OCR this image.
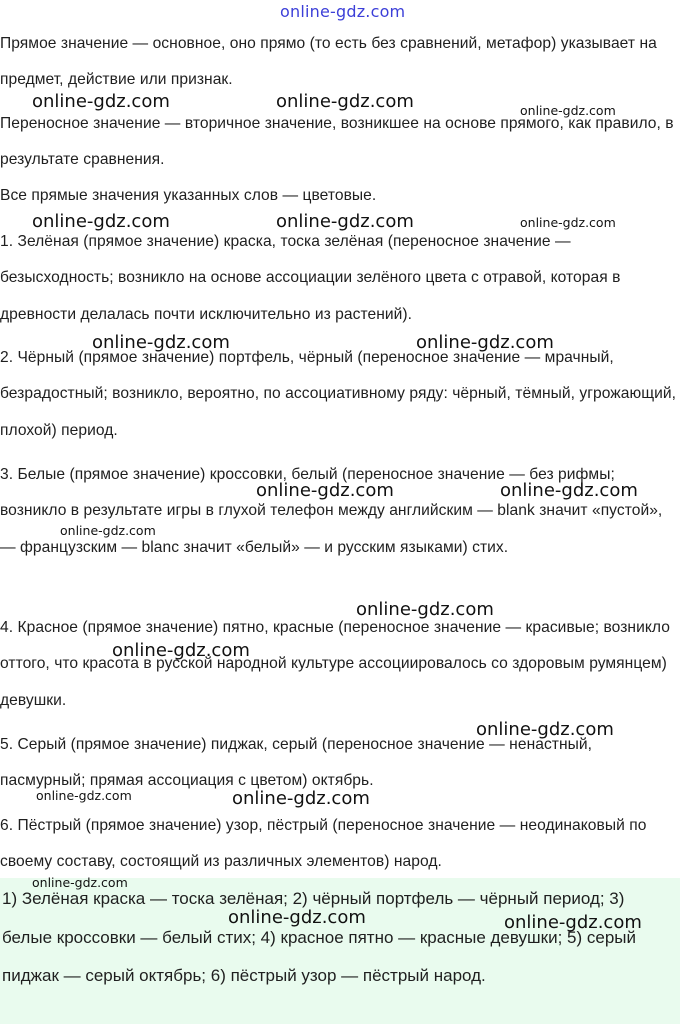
online-gdz.com

Прямое значение — основное, оно прямо (то есть без сравнений, метафор) указывает на предмет, действие или признак.

Переносное значение — вторичное значение, возникшее на основе прямого, как правило, в результате сравнения.

Все прямые значения указанных слов — цветовые.

1. Зелёная (прямое значение) краска, тоска зелёная (переносное значение — безысходность; возникло на основе ассоциации зелёного цвета с отравой, которая в древности делалась почти исключительно из растений).

2. Чёрный (прямое значение) портфель, чёрный (переносное значение — мрачный, безрадостный; возникло, вероятно, по ассоциативному ряду: чёрный, тёмный, угрожающий, плохой) период.

3. Белые (прямое значение) кроссовки, белый (переносное значение — без рифмы; возникло в результате игры в глухой телефон между английским — blank значит «пустой», — французским — blanc значит «белый» — и русским языками) стих.

4. Красное (прямое значение) пятно, красные (переносное значение — красивые; возникло оттого, что красота в русской народной культуре ассоциировалось со здоровым румянцем) девушки.

5. Серый (прямое значение) пиджак, серый (переносное значение — ненастный, пасмурный; прямая ассоциация с цветом) октябрь.

6. Пёстрый (прямое значение) узор, пёстрый (переносное значение — неодинаковый по своему составу, состоящий из различных элементов) народ.

1) Зелёная краска — тоска зелёная; 2) чёрный портфель — чёрный период; 3) белые кроссовки — белый стих; 4) красное пятно — красные девушки; 5) серый пиджак — серый октябрь; 6) пёстрый узор — пёстрый народ.

online-gdz.com	online-gdz.com	online-gdz.com
online-gdz.com	online-gdz.com	online-gdz.com
online-gdz.com	online-gdz.com
online-gdz.com	online-gdz.com
online-gdz.com
online-gdz.com
online-gdz.com
online-gdz.com
online-gdz.com	online-gdz.com
online-gdz.com
online-gdz.com	online-gdz.com
